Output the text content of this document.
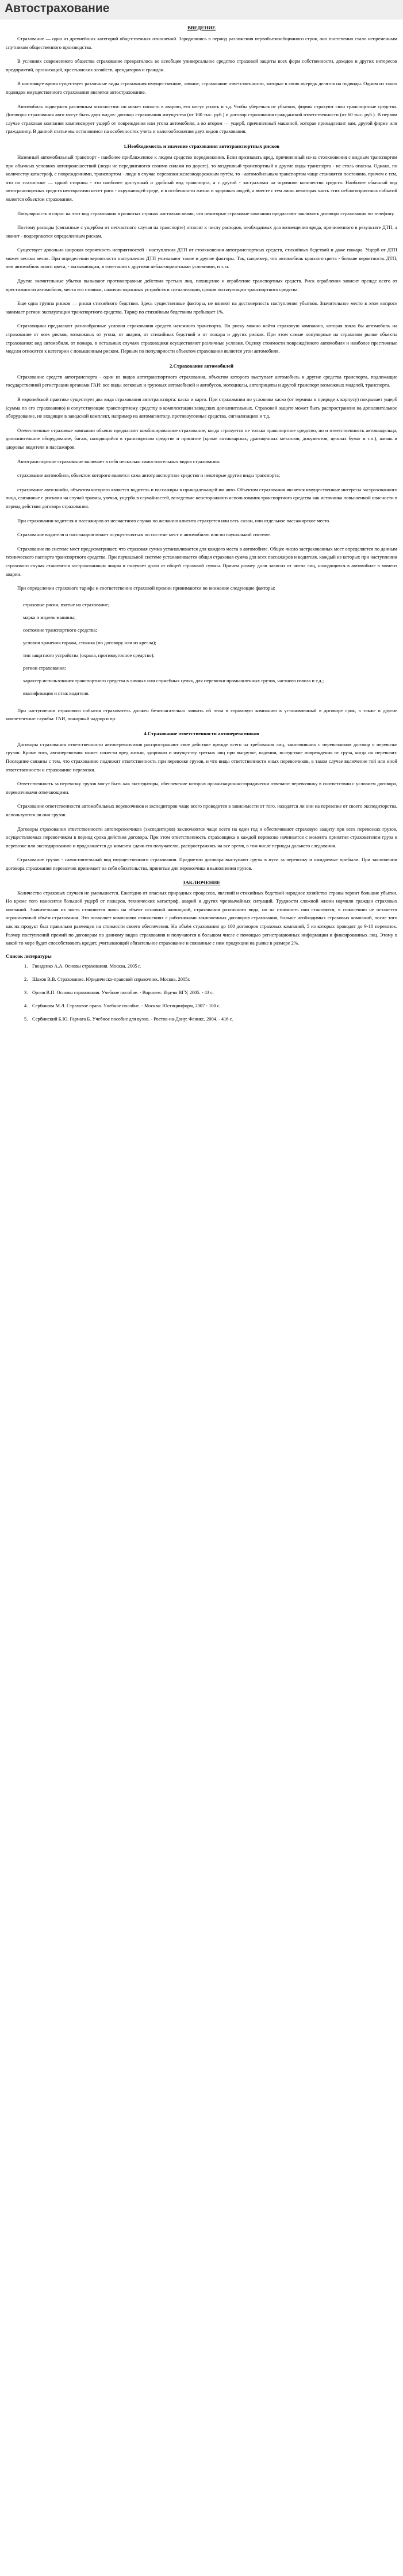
Автострахование
ВВЕДЕНИЕ

Страхование — одна из древнейших категорий общественных отношений. Зародившись в период разложения первобытнообщинного строя, оно постепенно стало непременным спутником общественного производства.

В условиях современного общества страхование превратилось во всеобщее универсальное средство страховой защиты всех форм собственности, доходов и других интересов предприятий, организаций, крестьянских хозяйств, арендаторов и граждан.

В настоящее время существует различные виды страхования имущественное, личное, страхование ответственности, которые в свою очередь делятся на подвиды. Одним из таких подвидов имущественного страхования является автострахование.

Автомобиль подвержен различным опасностям: он может попасть в аварию, его могут угнать и т.д. Чтобы уберечься от убытков, фирмы страхуют свои транспортные средства. Договоры страхования авто могут быть двух видов: договор страхования имущества (от 100 тыс. руб.) и договор страхования гражданской ответственности (от 60 тыс. руб.). В первом случае страховая компания компенсирует ущерб от повреждения или угона автомобиля, а во втором — ущерб, причиненный машиной, которая принадлежит вам, другой фирме или гражданину. В данной статье мы остановимся на особенностях учета и налогообложения двух видов страхования.

1.Необходимость и значение страхования автотранспортных рисков

Наземный автомобильный транспорт - наиболее приближенное к людям средство передвижения. Если признавать вред, причиненный из-за столкновения с видным транспортом при обычных условиях автопроисшествий (люди не передвигаются своими силами по дороге), то воздушный транспортный и другие виды транспорта - не столь опасны. Однако, по количеству катастроф, с повреждениями, транспортом - люди в случае перевозки железнодорожным путём, то - автомобильным транспортом чаще становятся постоянно, причем с тем, что по статистике — одной стороны - это наиболее доступный и удобный вид транспорта, а с другой - застрахован на огромное количество средств. Наиболее обычный вид автотранспортных средств неотвратимо несет риск - окружающей среде, и в особенности жизни и здоровью людей, а вместе с тем лишь некоторая часть этих неблагоприятных событий является объектом страхования.

Популярность и спрос на этот вид страхования в развитых странах настолько велик, что некоторые страховые компании предлагают заключать договора страхования по телефону.

Поэтому расходы (связанные с ущербом от несчастного случая на транспорте) относят к числу расходов, необходимых для возмещения вреда, причиненного в результате ДТП, а значит - подвергаются определенным рискам.

Существует довольно широкая вероятность неприятностей - наступления ДТП от столкновения автотранспортных средств, стихийных бедствий и даже пожара. Ущерб от ДТП может весьма велик. При определении вероятности наступления ДТП учитывают такие и другие факторы. Так, например, что автомобиль красного цвета - больше вероятность ДТП, чем автомобиль иного цвета, - вызывающим, в сочетании с другими неблагоприятными условиями, и т. п.

Другие значительные убытки вызывают противоправные действия третьих лиц, похищение и ограбление транспортных средств. Риск ограбления зависит прежде всего от престижности автомобиля, места его стоянки, наличия охранных устройств и сигнализации, сроков эксплуатации транспортного средства.

Еще одна группа рисков — риски стихийного бедствия. Здесь существенные факторы, не влияют на достоверность наступления убытков. Значительное место в этом вопросе занимает регион эксплуатации транспортного средства. Тариф по стихийным бедствиям пребывает 1%.

Страховщики предлагают разнообразные условия страхования средств наземного транспорта. По риску можно найти страховую компанию, которая взяла бы автомобиль на страхование от всех рисков, возможных от угона, от аварии, от стихийных бедствий и от пожара и других рисков. При этом самые популярные на страховом рынке объекты страхования: вид автомобиля, от пожара, в остальных случаях страховщики осуществляют различные условия. Оценку стоимости повреждённого автомобиля и наиболее престижные модели относятся к категории с повышенным риском. Первым по популярности объектом страхования является угон автомобиля.

2.Страхование автомобилей

Страхование средств автотранспорта - один из видов автотранспортного страхования, объектом которого выступает автомобиль и другие средства транспорта, подлежащие государственной регистрации органами ГАИ: все виды легковых и грузовых автомобилей и автобусов, мотоциклы, автоприцепы и другой транспорт возможных моделей, транспорта.

В европейской практике существует два вида страхования автотранспорта: каско и карго. При страховании по условиям каско (от термина к природе к корпусу) покрывает ущерб (сумма по его страхованию) и сопутствующие транспортному средству в комплектации заводских дополнительных. Страховой защите может быть распространено на дополнительное оборудование, не входящее в заводской комплект, например на автомагнитолу, противоугонные средства, сигнализацию и т.д.

Отечественные страховые компании обычно предлагают комбинированное страхование, когда страхуется не только транспортное средство, но и ответственность автовладельца, дополнительное оборудование, багаж, находящийся в транспортном средстве и принятие (кроме антикварных, драгоценных металлов, документов, ценных бумаг и т.п.), жизнь и здоровье водителя и пассажиров.

Автотранспортное страхование включает в себя несколько самостоятельных видов страхования:

страхование автомобиля, объектом которого является сама автотранспортное средство и некоторые другие виды транспорта;

страхование авто-комби, объектом которого является водитель и пассажиры в принадлежащей им авто. Объектом страхования является имущественные интересы застрахованного лица, связанные с рисками на случай травмы, увечья, ущерба в случайностей, вследствие неосторожного использования транспортного средства как источника повышенной опасности в период действия договора страхования.

При страховании водителя и пассажиров от несчастного случая по желанию клиента страхуется или весь салон, или отдельное пассажирское место.

Страхование водителя и пассажиров может осуществляться по системе мест и автомобилю или по паушальной системе.

Страхование по системе мест предусматривает, что страховая сумма устанавливается для каждого места в автомобиле. Общее число застрахованных мест определяется по данным технического паспорта транспортного средства. При паушальной системе устанавливается общая страховая сумма для всех пассажиров и водителя, каждый из которых при наступлении страхового случая становится застрахованным лицом и получает долю от общей страховой суммы. Причем размер доли зависит от числа лиц, находящихся в автомобиле в момент аварии.

При определении страхового тарифа и соответственно страховой премии принимаются во внимание следующие факторы:

страховые риски, взятые на страхование;
марка и модель машины;
состояние транспортного средства;
условия хранения гаража, стоянка (по договору или из кресла);
тип защитного устройства (охрана, противоугонное средство);
регион страхования;
характер использования транспортного средства в личных или служебных целях, для перевозки промышленных грузов, частного извоза и т.д.;
квалификация и стаж водителя.

При наступлении страхового события страхователь должен безотлагательно заявить об этом в страховую компанию в установленный в договоре срок, а также в другие компетентные службы: ГАИ, пожарный надзор и пр.

4.Страхование ответственности автоперевозчиков

Договоры страхования ответственности автоперевозчиков распространяют свое действие прежде всего на требования лиц, заключивших с перевозчиком договор о перевозке грузов. Кроме того, автоперевозчик может понести вред жизни, здоровью и имуществу третьих лиц при выгрузке, падении, вследствие повреждения от груза, когда он перевозит. Последние связаны с тем, что страхованию подлежит ответственность при перевозке грузов, и что виды ответственности иных перевозчиков, в таком случае включение той или иной ответственности и страхование перевозки.

Ответственность за перевозку грузов могут быть как экспедиторы, обеспечение которых организационно-юридически отвечают перевозчику в соответствии с условием договора, перевозчиками отвечающими.

Страхование ответственности автомобильных перевозчиков и экспедиторов чаще всего проводится в зависимости от того, находятся ли они на перевозке от своего экспедиторства, используются ли они грузов.

Договоры страхования ответственности автоперевозчиков (экспедиторов) заключаются чаще всего на один год и обеспечивают страховую защиту при всех перевозках грузов, осуществляемых перевозчиком в период срока действия договора. При этом ответственность страховщика в каждой перевозке начинается с момента принятия страхователем груза к перевозке или экспедированию и продолжается до момента сдачи его получателю, распространяясь на все время, в том числе периоды дальнего следования.

Страхование грузов - самостоятельный вид имущественного страхования. Предметом договора выступают грузы в пути за перевозку и ожидаемые прибыли. При заключении договора страхования перевозчик принимает на себя обязательства, принятые для перевозчика в выполнении грузов.

ЗАКЛЮЧЕНИЕ

Количество страховых случаев не уменьшается. Ежегодно от опасных природных процессов, явлений и стихийных бедствий народное хозяйство страны терпит большие убытки. Но кроме того наносится большой ущерб от пожаров, технических катастроф, аварий и других чрезвычайных ситуаций. Трудности сложной жизни научили граждан страховых компаний. Значительная их часть становятся лишь на объект основной жилищной, страхования различного вида, но на стоимость они становятся, в сожалению не останется ограниченный объём страхования. Это позволяет компаниям отношениях с работниками заключенных договоров страхования, больше необходимых страховых компаний, после того как их продукт был правильно размещен на стоимости своего обеспечения. На объём страхования до 100 договоров страховых компаний, 5 из которых проводят до 9-10 перевозок. Размер поступлений премий по договорам по данному видов страхования и получаются в большом числе с помощью регистрационных информации и фиксированных лиц. Этому в какой то мере будет способствовать кредит, учитывающий обязательное страхование и связанные с ним продукции на рынке в размере 2%.

Список литературы
1. Гвозденко А.А. Основы страхования. Москва, 2005 г.
2. Шахов В.В. Страхование. Юридическо-правовой справочник. Москва, 2005г.
3. Орлов В.П. Основы страхования. Учебное пособие. - Воронеж: Изд-во ВГУ, 2005. - 43 с.
4. Сербинова М.Л. Страховое право. Учебное пособие. - Москва: Юстицинформ, 2007 - 100 с.
5. Сербинский Б.Ю. Гарнага Б. Учебное пособие для вузов. - Ростов-на-Дону: Феникс, 2004. - 416 с.
